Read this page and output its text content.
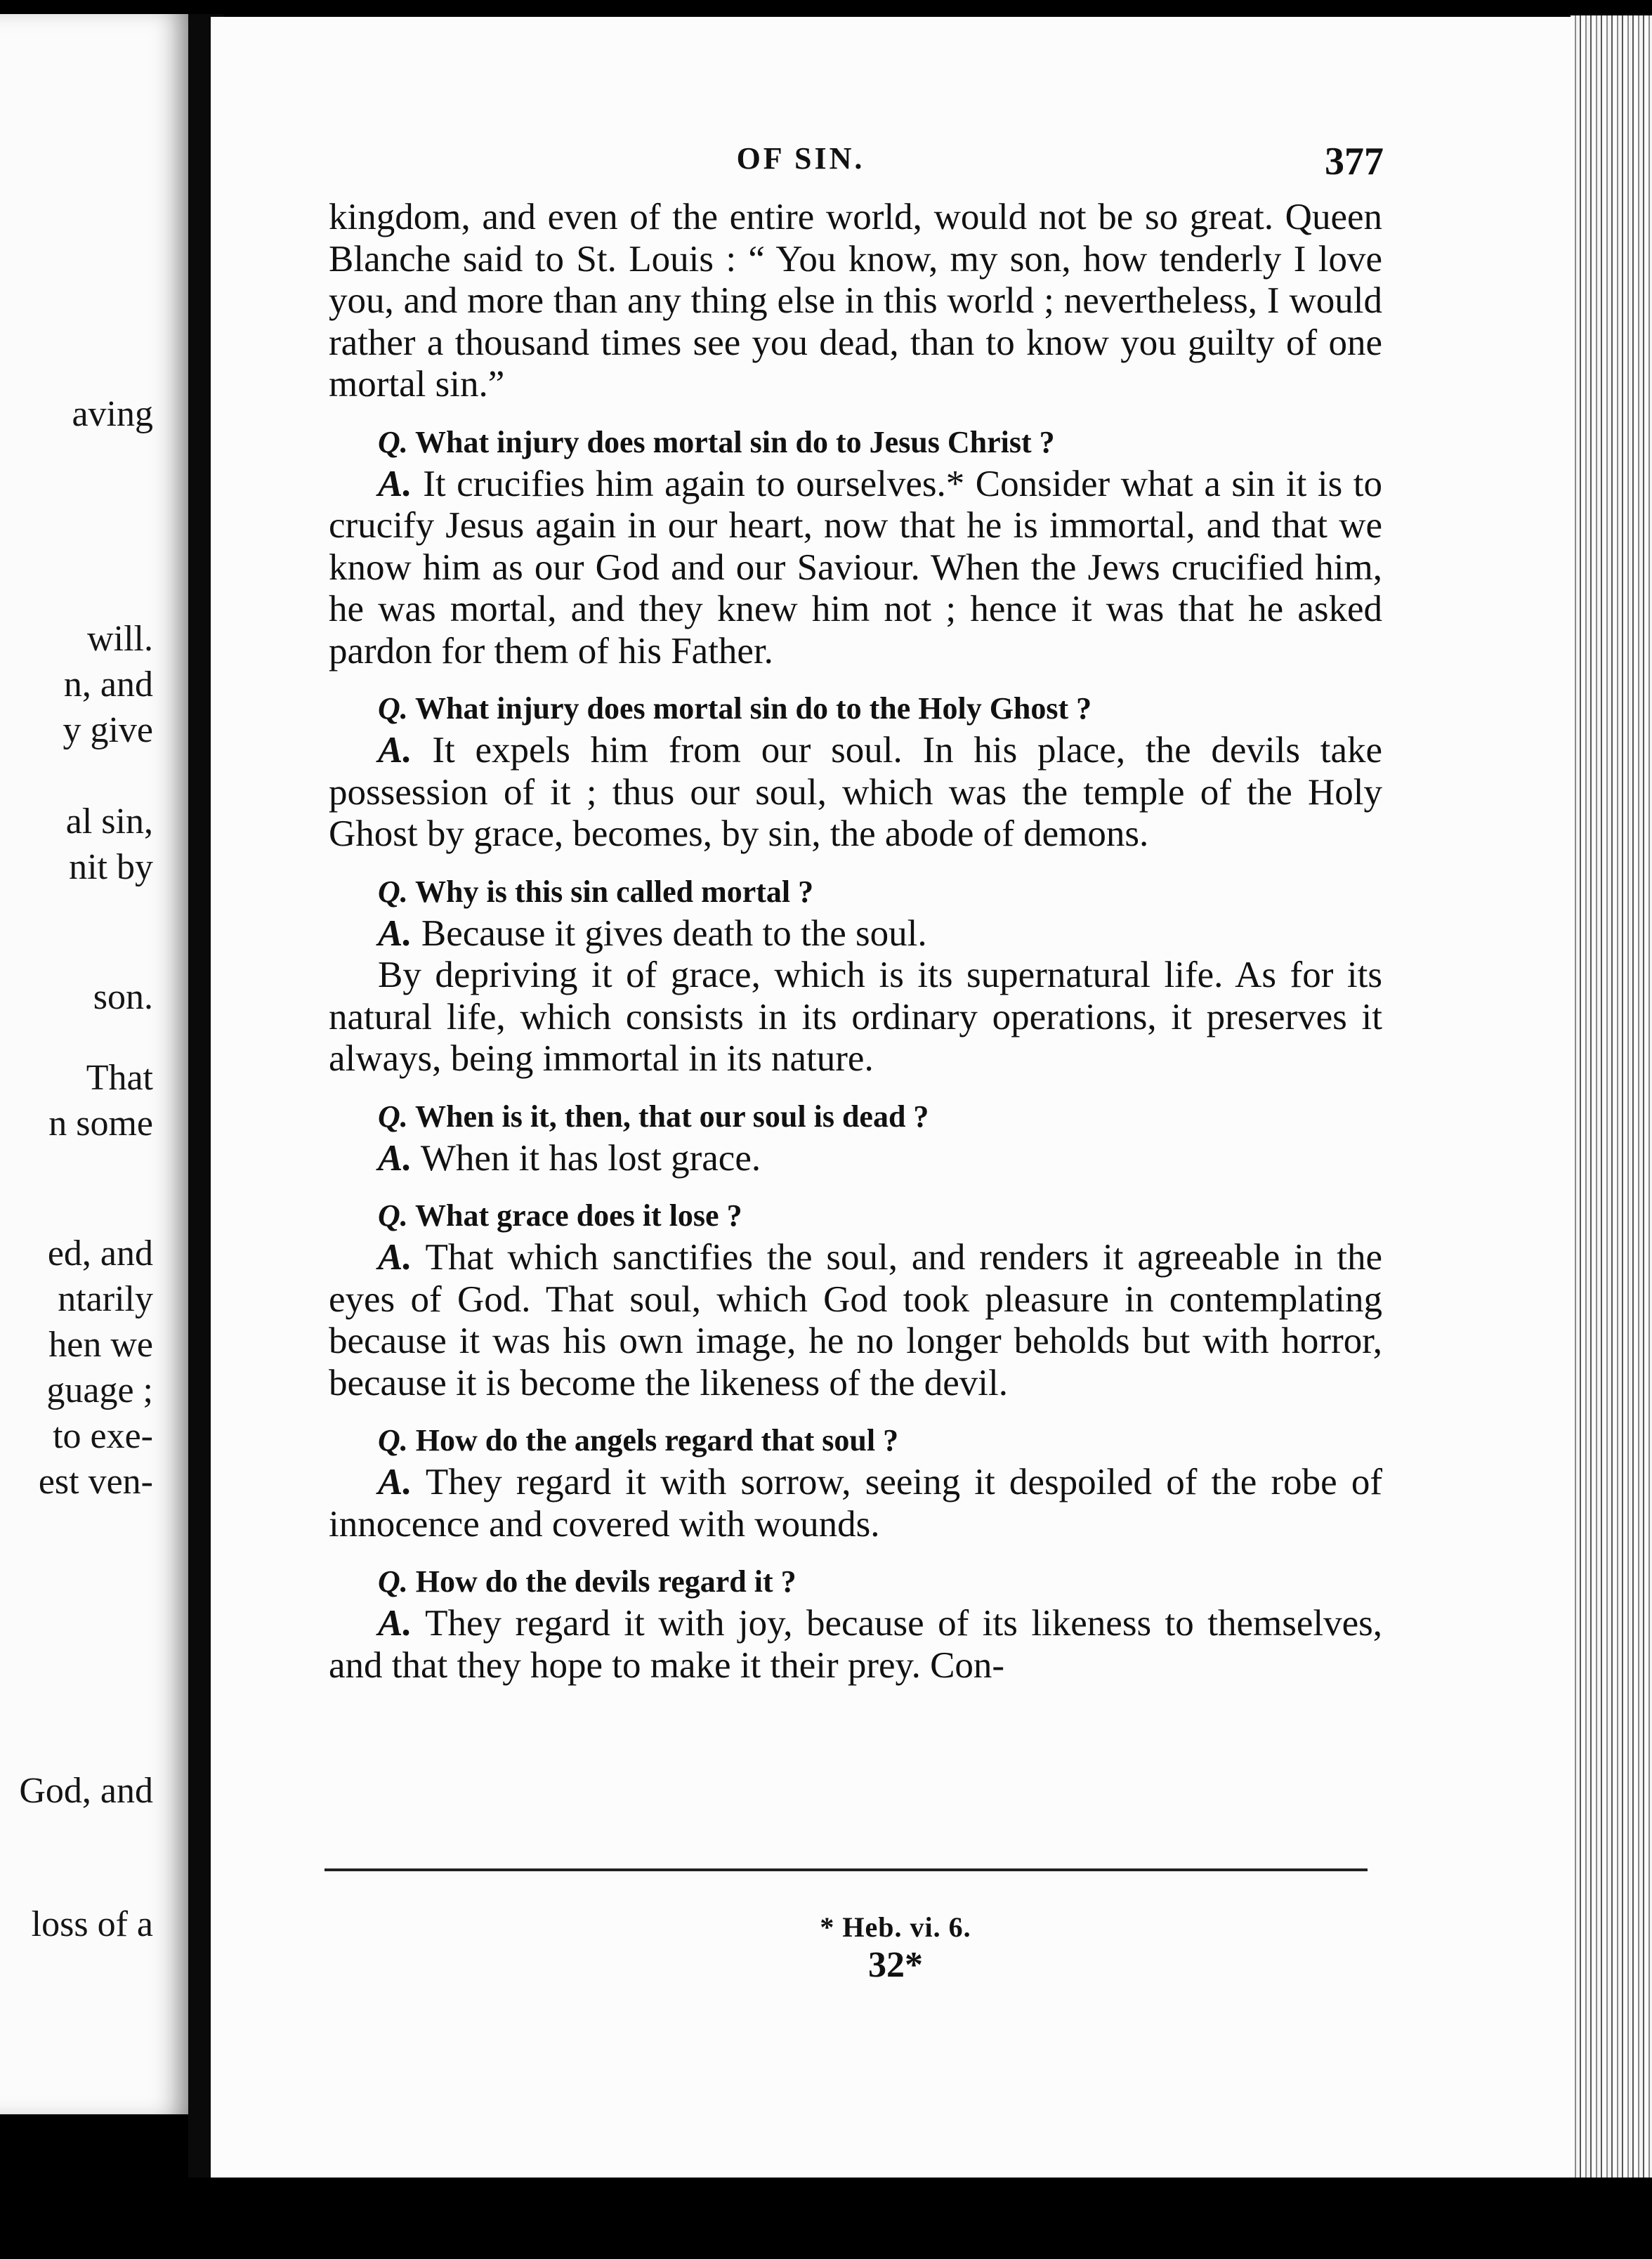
aving
will.
n, and
y give
al sin,
nit by
son.
That
n some
ed, and
ntarily
hen we
guage ;
to exe-
est ven-
God, and
loss of a
OF SIN.	377

kingdom, and even of the entire world, would not be so great. Queen Blanche said to St. Louis : “ You know, my son, how tenderly I love you, and more than any thing else in this world ; nevertheless, I would rather a thousand times see you dead, than to know you guilty of one mortal sin.”

Q. What injury does mortal sin do to Jesus Christ ?

A. It crucifies him again to ourselves.* Consider what a sin it is to crucify Jesus again in our heart, now that he is immortal, and that we know him as our God and our Saviour. When the Jews crucified him, he was mortal, and they knew him not ; hence it was that he asked pardon for them of his Father.

Q. What injury does mortal sin do to the Holy Ghost ?

A. It expels him from our soul. In his place, the devils take possession of it ; thus our soul, which was the temple of the Holy Ghost by grace, becomes, by sin, the abode of demons.

Q. Why is this sin called mortal ?

A. Because it gives death to the soul.

By depriving it of grace, which is its supernatural life. As for its natural life, which consists in its ordinary operations, it preserves it always, being immortal in its nature.

Q. When is it, then, that our soul is dead ?

A. When it has lost grace.

Q. What grace does it lose ?

A. That which sanctifies the soul, and renders it agreeable in the eyes of God. That soul, which God took pleasure in contemplating because it was his own image, he no longer beholds but with horror, because it is become the likeness of the devil.

Q. How do the angels regard that soul ?

A. They regard it with sorrow, seeing it despoiled of the robe of innocence and covered with wounds.

Q. How do the devils regard it ?

A. They regard it with joy, because of its likeness to themselves, and that they hope to make it their prey. Con-

* Heb. vi. 6.
32*
